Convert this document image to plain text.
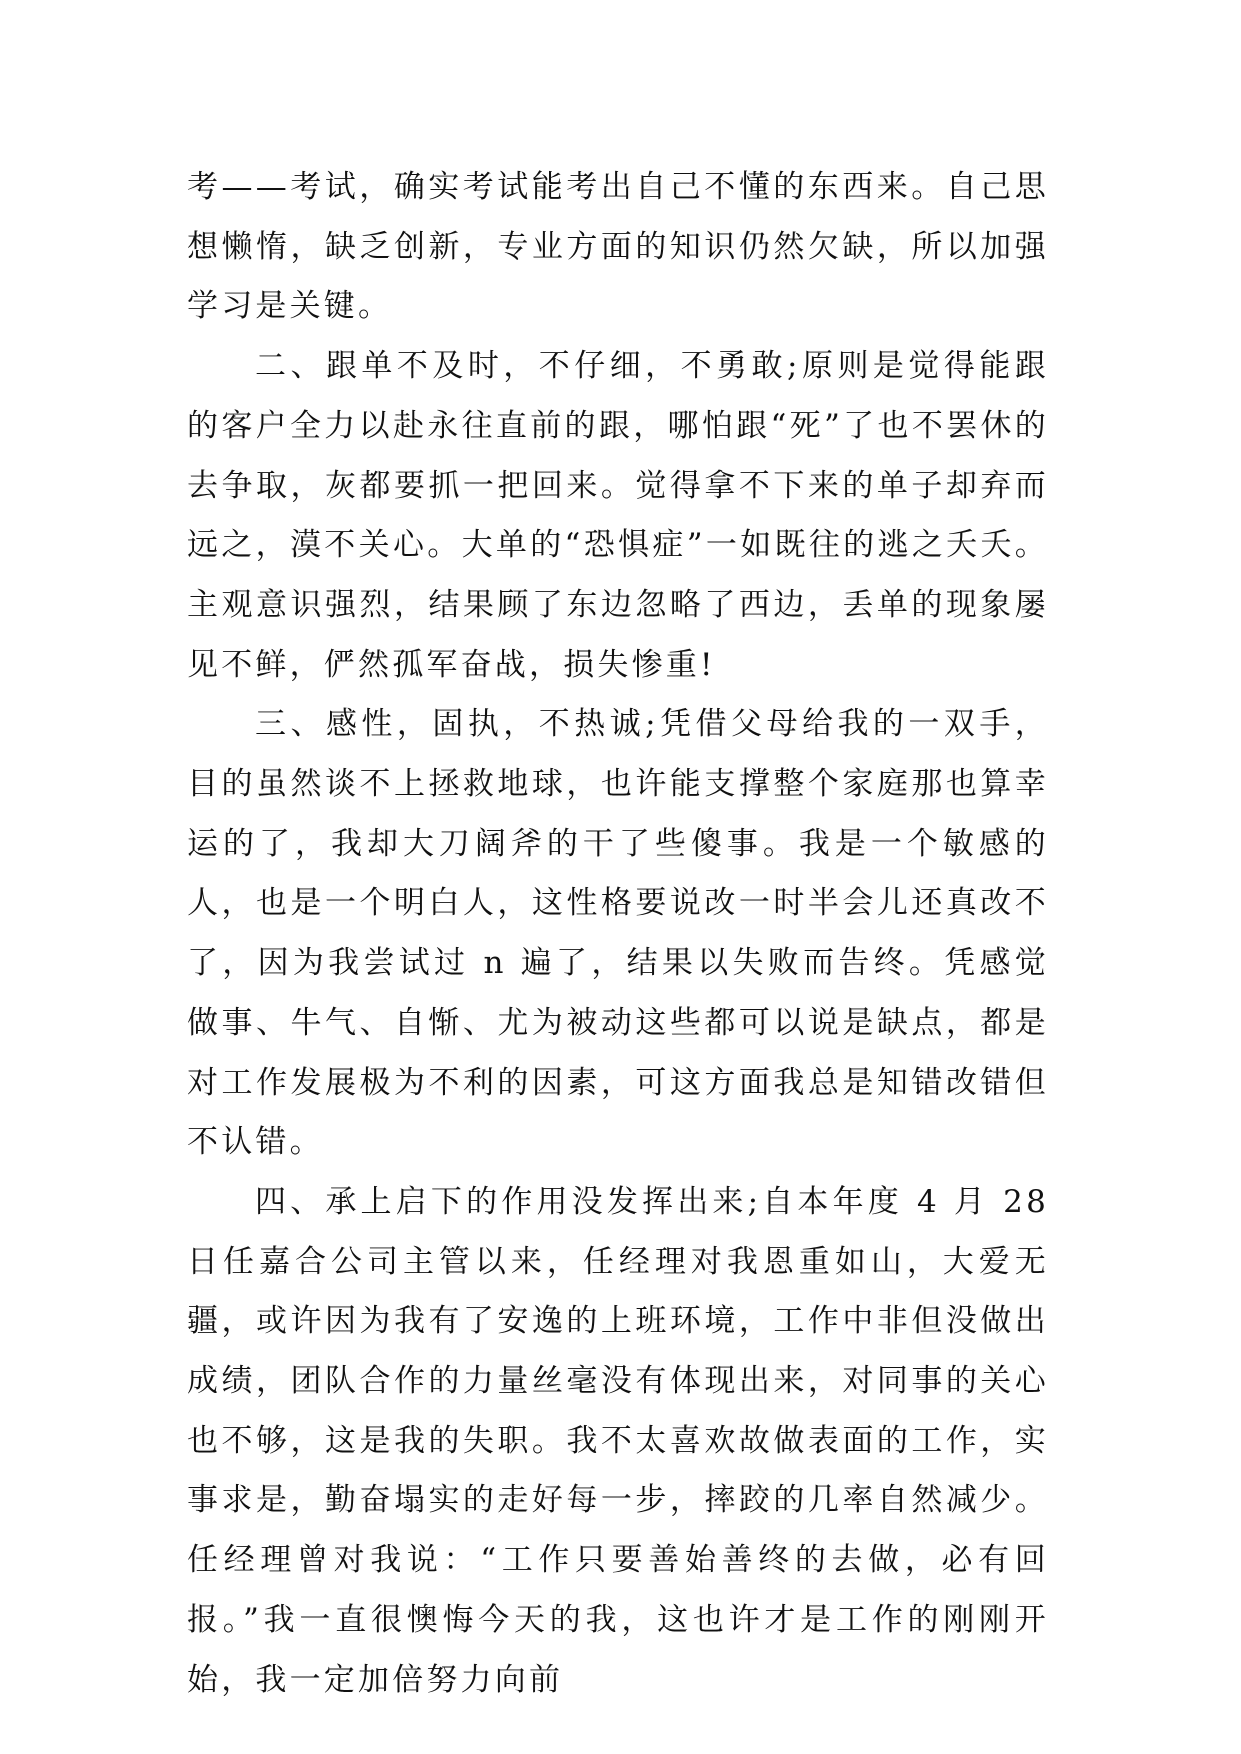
考——考试，确实考试能考出自己不懂的东西来。自己思想懒惰，缺乏创新，专业方面的知识仍然欠缺，所以加强学习是关键。

二、跟单不及时，不仔细，不勇敢;原则是觉得能跟的客户全力以赴永往直前的跟，哪怕跟“死”了也不罢休的去争取，灰都要抓一把回来。觉得拿不下来的单子却弃而远之，漠不关心。大单的“恐惧症”一如既往的逃之夭夭。主观意识强烈，结果顾了东边忽略了西边，丢单的现象屡见不鲜，俨然孤军奋战，损失惨重!

三、感性，固执，不热诚;凭借父母给我的一双手，目的虽然谈不上拯救地球，也许能支撑整个家庭那也算幸运的了，我却大刀阔斧的干了些傻事。我是一个敏感的人，也是一个明白人，这性格要说改一时半会儿还真改不了，因为我尝试过 n 遍了，结果以失败而告终。凭感觉做事、牛气、自惭、尤为被动这些都可以说是缺点，都是对工作发展极为不利的因素，可这方面我总是知错改错但不认错。

四、承上启下的作用没发挥出来;自本年度 4 月 28 日任嘉合公司主管以来，任经理对我恩重如山，大爱无疆，或许因为我有了安逸的上班环境，工作中非但没做出成绩，团队合作的力量丝毫没有体现出来，对同事的关心也不够，这是我的失职。我不太喜欢故做表面的工作，实事求是，勤奋塌实的走好每一步，摔跤的几率自然减少。任经理曾对我说：“工作只要善始善终的去做，必有回报。”我一直很懊悔今天的我，这也许才是工作的刚刚开始，我一定加倍努力向前
